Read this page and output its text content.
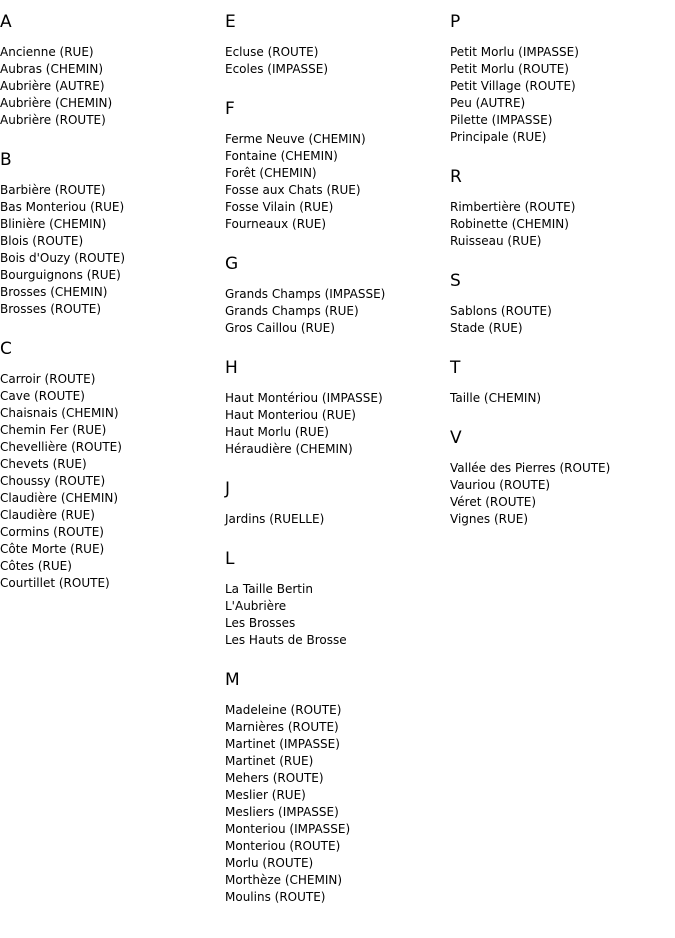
A
Ancienne (RUE)
Aubras (CHEMIN)
Aubrière (AUTRE)
Aubrière (CHEMIN)
Aubrière (ROUTE)
B
Barbière (ROUTE)
Bas Monteriou (RUE)
Blinière (CHEMIN)
Blois (ROUTE)
Bois d'Ouzy (ROUTE)
Bourguignons (RUE)
Brosses (CHEMIN)
Brosses (ROUTE)
C
Carroir (ROUTE)
Cave (ROUTE)
Chaisnais (CHEMIN)
Chemin Fer (RUE)
Chevellière (ROUTE)
Chevets (RUE)
Choussy (ROUTE)
Claudière (CHEMIN)
Claudière (RUE)
Cormins (ROUTE)
Côte Morte (RUE)
Côtes (RUE)
Courtillet (ROUTE)
E
Ecluse (ROUTE)
Ecoles (IMPASSE)
F
Ferme Neuve (CHEMIN)
Fontaine (CHEMIN)
Forêt (CHEMIN)
Fosse aux Chats (RUE)
Fosse Vilain (RUE)
Fourneaux (RUE)
G
Grands Champs (IMPASSE)
Grands Champs (RUE)
Gros Caillou (RUE)
H
Haut Montériou (IMPASSE)
Haut Monteriou (RUE)
Haut Morlu (RUE)
Héraudière (CHEMIN)
J
Jardins (RUELLE)
L
La Taille Bertin
L'Aubrière
Les Brosses
Les Hauts de Brosse
M
Madeleine (ROUTE)
Marnières (ROUTE)
Martinet (IMPASSE)
Martinet (RUE)
Mehers (ROUTE)
Meslier (RUE)
Mesliers (IMPASSE)
Monteriou (IMPASSE)
Monteriou (ROUTE)
Morlu (ROUTE)
Morthèze (CHEMIN)
Moulins (ROUTE)
P
Petit Morlu (IMPASSE)
Petit Morlu (ROUTE)
Petit Village (ROUTE)
Peu (AUTRE)
Pilette (IMPASSE)
Principale (RUE)
R
Rimbertière (ROUTE)
Robinette (CHEMIN)
Ruisseau (RUE)
S
Sablons (ROUTE)
Stade (RUE)
T
Taille (CHEMIN)
V
Vallée des Pierres (ROUTE)
Vauriou (ROUTE)
Véret (ROUTE)
Vignes (RUE)
